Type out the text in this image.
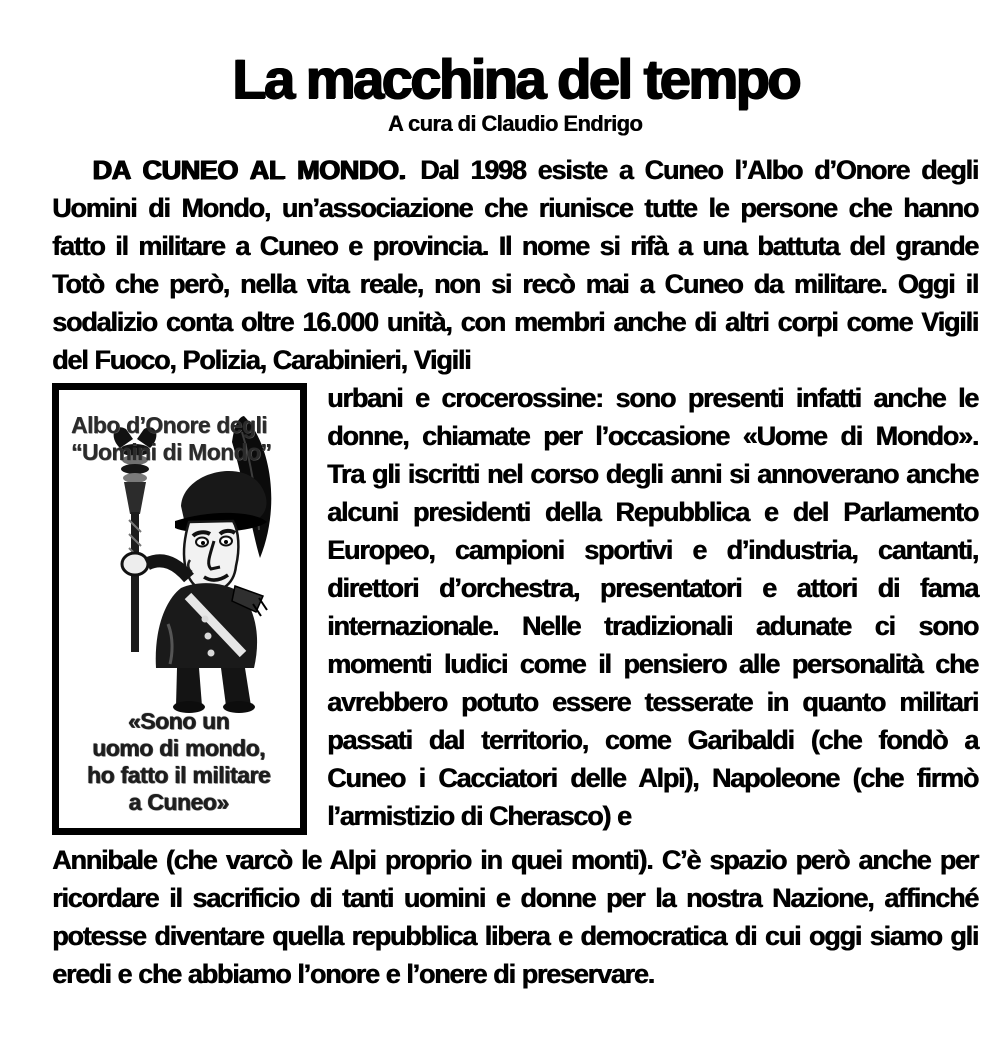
La macchina del tempo

A cura di Claudio Endrigo

DA CUNEO AL MONDO. Dal 1998 esiste a Cuneo l’Albo d’Onore degli Uomini di Mondo, un’associazione che riunisce tutte le persone che hanno fatto il militare a Cuneo e provincia. Il nome si rifà a una battuta del grande Totò che però, nella vita reale, non si recò mai a Cuneo da militare. Oggi il sodalizio conta oltre 16.000 unità, con membri anche di altri corpi come Vigili del Fuoco, Polizia, Carabinieri, Vigili

Albo d’Onore degli
“Uomini di Mondo”
«Sono un
uomo di mondo,
ho fatto il militare
a Cuneo»
urbani e crocerossine: sono presenti infatti anche le donne, chiamate per l’occasione «Uome di Mondo». Tra gli iscritti nel corso degli anni si annoverano anche alcuni presidenti della Repubblica e del Parlamento Europeo, campioni sportivi e d’industria, cantanti, direttori d’orchestra, presentatori e attori di fama internazionale. Nelle tradizionali adunate ci sono momenti ludici come il pensiero alle personalità che avrebbero potuto essere tesserate in quanto militari passati dal territorio, come Garibaldi (che fondò a Cuneo i Cacciatori delle Alpi), Napoleone (che firmò l’armistizio di Cherasco) e

Annibale (che varcò le Alpi proprio in quei monti). C’è spazio però anche per ricordare il sacrificio di tanti uomini e donne per la nostra Nazione, affinché potesse diventare quella repubblica libera e democratica di cui oggi siamo gli eredi e che abbiamo l’onore e l’onere di preservare.
